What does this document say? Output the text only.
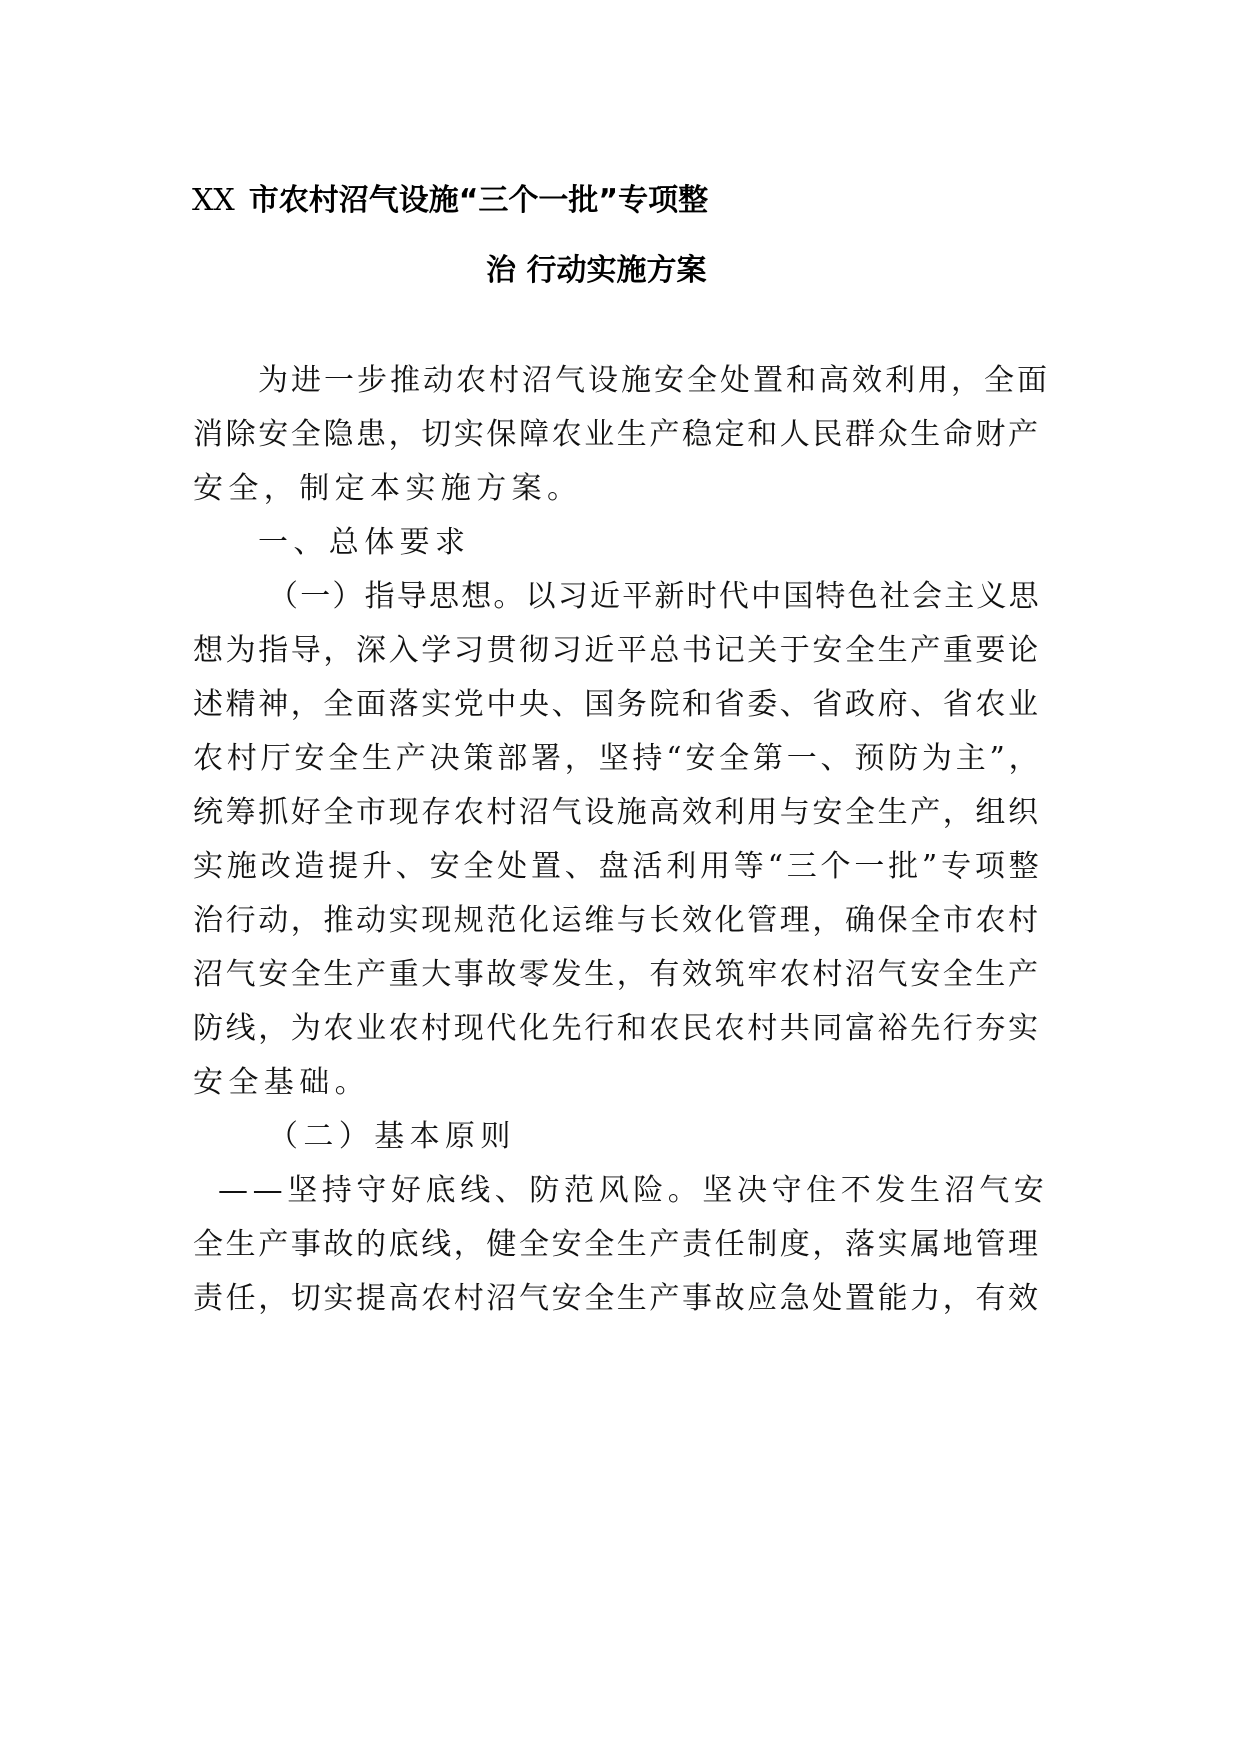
XX 市农村沼气设施“三个一批”专项整
治 行动实施方案

为进一步推动农村沼气设施安全处置和高效利用，全面

消除安全隐患，切实保障农业生产稳定和人民群众生命财产

安全，制定本实施方案。

一、总体要求

（一）指导思想。以习近平新时代中国特色社会主义思

想为指导，深入学习贯彻习近平总书记关于安全生产重要论

述精神，全面落实党中央、国务院和省委、省政府、省农业

农村厅安全生产决策部署，坚持“安全第一、预防为主”，

统筹抓好全市现存农村沼气设施高效利用与安全生产，组织

实施改造提升、安全处置、盘活利用等“三个一批”专项整

治行动，推动实现规范化运维与长效化管理，确保全市农村

沼气安全生产重大事故零发生，有效筑牢农村沼气安全生产

防线，为农业农村现代化先行和农民农村共同富裕先行夯实

安全基础。

（二）基本原则

——坚持守好底线、防范风险。坚决守住不发生沼气安

全生产事故的底线，健全安全生产责任制度，落实属地管理

责任，切实提高农村沼气安全生产事故应急处置能力，有效
